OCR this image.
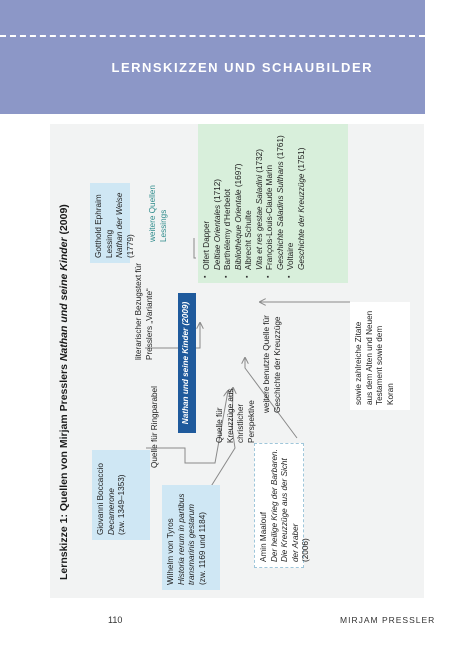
LERNSKIZZEN UND SCHAUBILDER
Lernskizze 1: Quellen von Mirjam Presslers Nathan und seine Kinder (2009)	Gotthold Ephraim Lessing Nathan der Weise (1779)
literarischer Bezugstext für Presslers „Variante“
Giovanni Boccaccio Decamerone (zw. 1349–1353)
Quelle für Ringparabel
Wilhelm von Tyros Historia rerum in partibus transmarinis gestarum (zw. 1169 und 1184)
Quelle für Kreuzzüge aus christlicher Perspektive
Nathan und seine Kinder (2009)	weitere benutzte Quelle für Geschichte der Kreuzzüge
Amin Maalouf Der heilige Krieg der Barbaren. Die Kreuzzüge aus der Sicht der Araber (2006)
sowie zahlreiche Zitate aus dem Alten und Neuen Testament sowie dem Koran
weitere Quellen Lessings	▪ Olfert Dapper Deltiae Orientales (1712) ▪ Barthélemy d’Herbelot Bibliothèque Orientale (1697)
▪ Albrecht Schulte Vita et res gestae Saladini (1732)
▪ François-Louis-Claude Marin Geschichte Saladins Sulthans (1761)
▪ Voltaire Geschichte der Kreuzzüge (1751)
110	MIRJAM PRESSLER
